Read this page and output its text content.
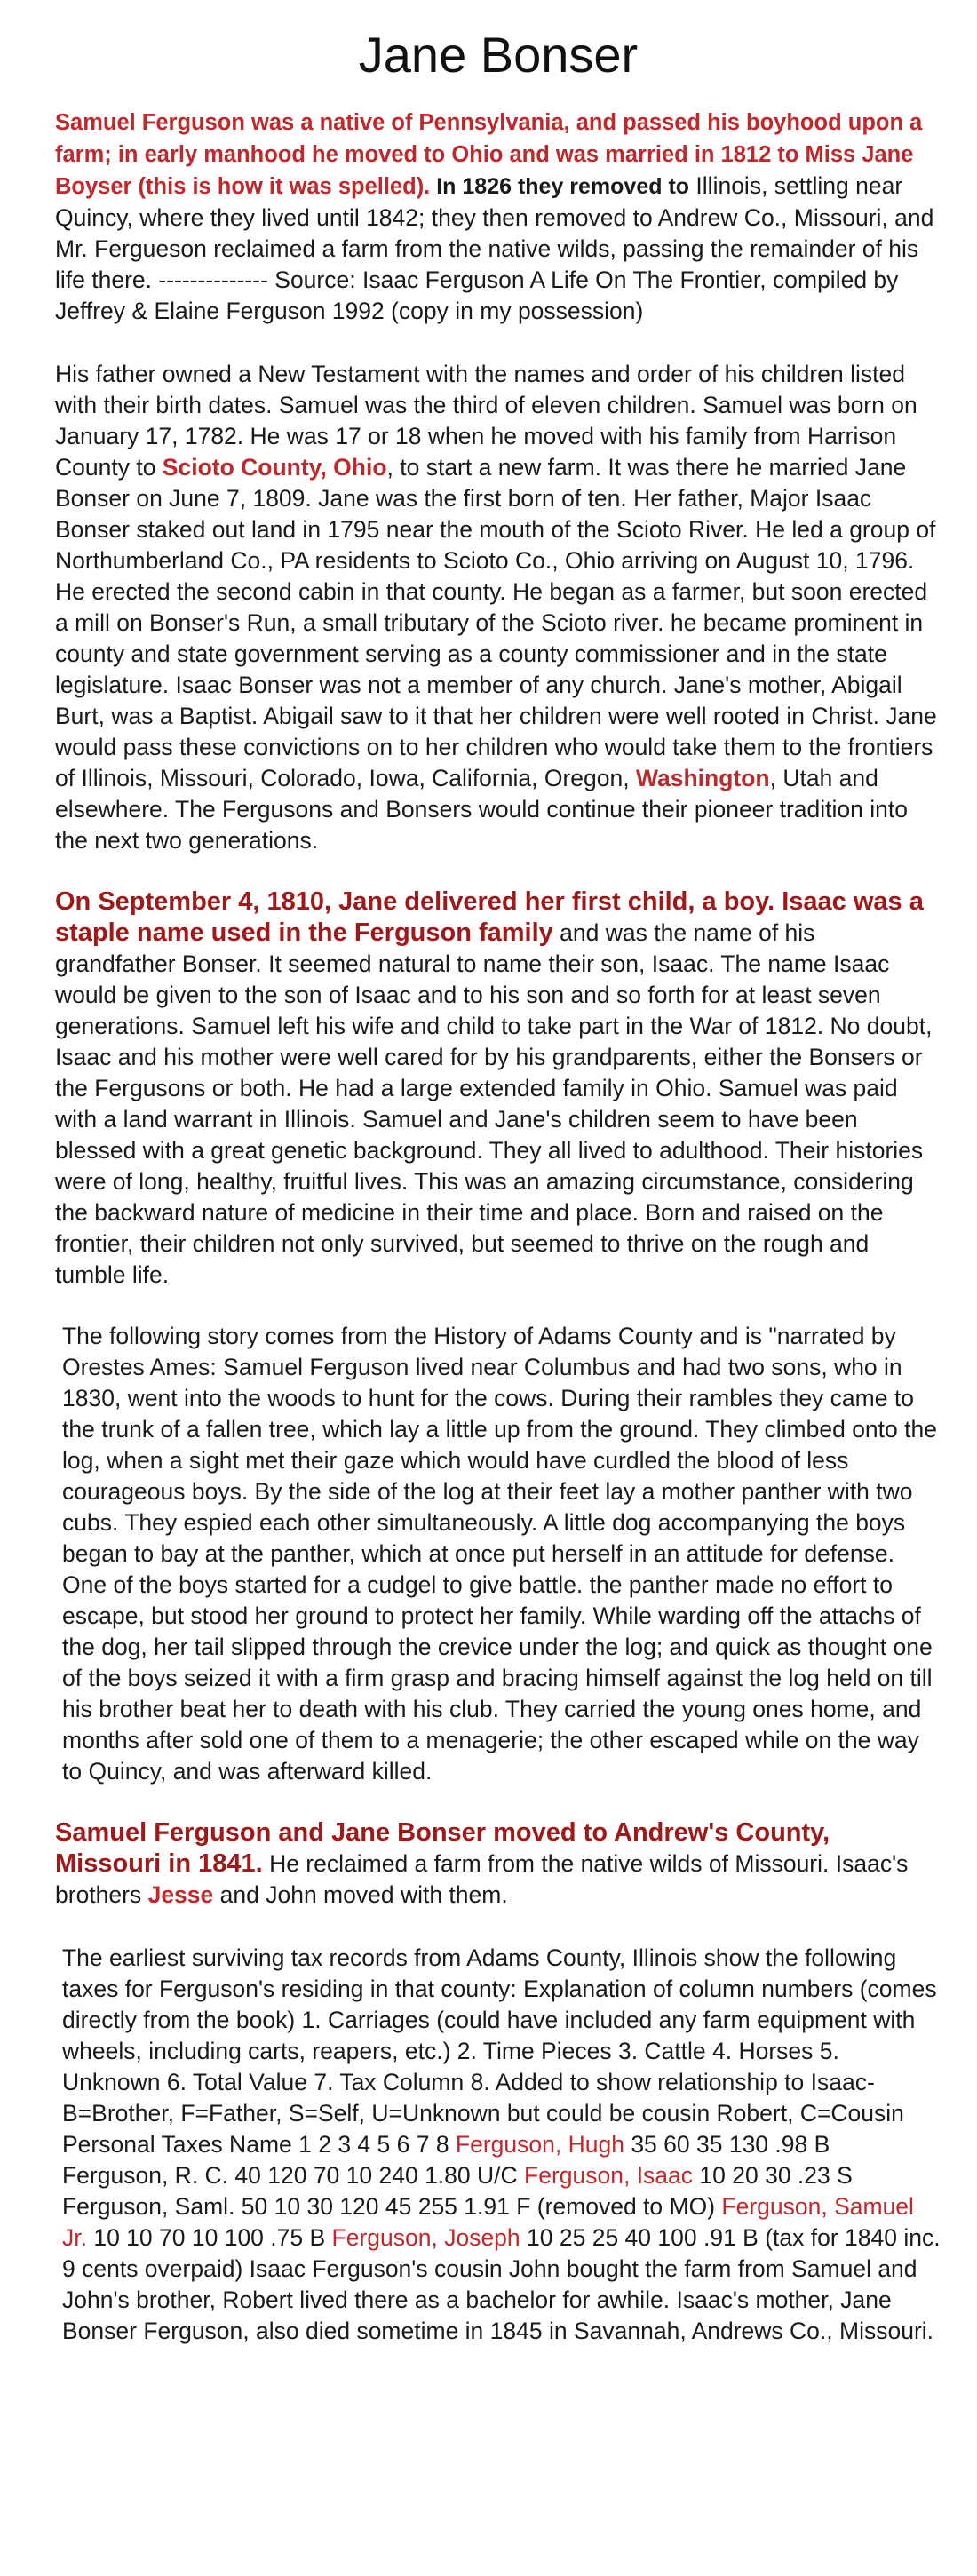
Jane Bonser

Samuel Ferguson was a native of Pennsylvania, and passed his boyhood upon a farm; in early manhood he moved to Ohio and was married in 1812 to Miss Jane Boyser (this is how it was spelled). In 1826 they removed to Illinois, settling near Quincy, where they lived until 1842; they then removed to Andrew Co., Missouri, and Mr. Fergueson reclaimed a farm from the native wilds, passing the remainder of his life there. -------------- Source: Isaac Ferguson A Life On The Frontier, compiled by Jeffrey & Elaine Ferguson 1992 (copy in my possession)

His father owned a New Testament with the names and order of his children listed with their birth dates. Samuel was the third of eleven children. Samuel was born on January 17, 1782. He was 17 or 18 when he moved with his family from Harrison County to Scioto County, Ohio, to start a new farm. It was there he married Jane Bonser on June 7, 1809. Jane was the first born of ten. Her father, Major Isaac Bonser staked out land in 1795 near the mouth of the Scioto River. He led a group of Northumberland Co., PA residents to Scioto Co., Ohio arriving on August 10, 1796. He erected the second cabin in that county. He began as a farmer, but soon erected a mill on Bonser's Run, a small tributary of the Scioto river. he became prominent in county and state government serving as a county commissioner and in the state legislature. Isaac Bonser was not a member of any church. Jane's mother, Abigail Burt, was a Baptist. Abigail saw to it that her children were well rooted in Christ. Jane would pass these convictions on to her children who would take them to the frontiers of Illinois, Missouri, Colorado, Iowa, California, Oregon, Washington, Utah and elsewhere. The Fergusons and Bonsers would continue their pioneer tradition into the next two generations.

On September 4, 1810, Jane delivered her first child, a boy. Isaac was a staple name used in the Ferguson family and was the name of his grandfather Bonser. It seemed natural to name their son, Isaac. The name Isaac would be given to the son of Isaac and to his son and so forth for at least seven generations. Samuel left his wife and child to take part in the War of 1812. No doubt, Isaac and his mother were well cared for by his grandparents, either the Bonsers or the Fergusons or both. He had a large extended family in Ohio. Samuel was paid with a land warrant in Illinois. Samuel and Jane's children seem to have been blessed with a great genetic background. They all lived to adulthood. Their histories were of long, healthy, fruitful lives. This was an amazing circumstance, considering the backward nature of medicine in their time and place. Born and raised on the frontier, their children not only survived, but seemed to thrive on the rough and tumble life.

The following story comes from the History of Adams County and is "narrated by Orestes Ames: Samuel Ferguson lived near Columbus and had two sons, who in 1830, went into the woods to hunt for the cows. During their rambles they came to the trunk of a fallen tree, which lay a little up from the ground. They climbed onto the log, when a sight met their gaze which would have curdled the blood of less courageous boys. By the side of the log at their feet lay a mother panther with two cubs. They espied each other simultaneously. A little dog accompanying the boys began to bay at the panther, which at once put herself in an attitude for defense. One of the boys started for a cudgel to give battle. the panther made no effort to escape, but stood her ground to protect her family. While warding off the attachs of the dog, her tail slipped through the crevice under the log; and quick as thought one of the boys seized it with a firm grasp and bracing himself against the log held on till his brother beat her to death with his club. They carried the young ones home, and months after sold one of them to a menagerie; the other escaped while on the way to Quincy, and was afterward killed.

Samuel Ferguson and Jane Bonser moved to Andrew's County, Missouri in 1841. He reclaimed a farm from the native wilds of Missouri. Isaac's brothers Jesse and John moved with them.

The earliest surviving tax records from Adams County, Illinois show the following taxes for Ferguson's residing in that county: Explanation of column numbers (comes directly from the book) 1. Carriages (could have included any farm equipment with wheels, including carts, reapers, etc.) 2. Time Pieces 3. Cattle 4. Horses 5. Unknown 6. Total Value 7. Tax Column 8. Added to show relationship to Isaac- B=Brother, F=Father, S=Self, U=Unknown but could be cousin Robert, C=Cousin Personal Taxes Name 1 2 3 4 5 6 7 8 Ferguson, Hugh 35 60 35 130 .98 B Ferguson, R. C. 40 120 70 10 240 1.80 U/C Ferguson, Isaac 10 20 30 .23 S Ferguson, Saml. 50 10 30 120 45 255 1.91 F (removed to MO) Ferguson, Samuel Jr. 10 10 70 10 100 .75 B Ferguson, Joseph 10 25 25 40 100 .91 B (tax for 1840 inc. 9 cents overpaid) Isaac Ferguson's cousin John bought the farm from Samuel and John's brother, Robert lived there as a bachelor for awhile. Isaac's mother, Jane Bonser Ferguson, also died sometime in 1845 in Savannah, Andrews Co., Missouri.
